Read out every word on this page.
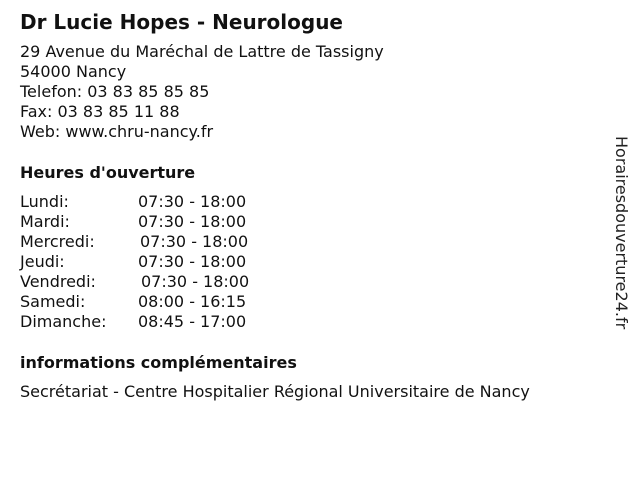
Dr Lucie Hopes - Neurologue
29 Avenue du Maréchal de Lattre de Tassigny
54000 Nancy
Telefon: 03 83 85 85 85
Fax: 03 83 85 11 88
Web: www.chru-nancy.fr
Heures d'ouverture
Lundi:	07:30 - 18:00
Mardi:	07:30 - 18:00
Mercredi:	07:30 - 18:00
Jeudi:	07:30 - 18:00
Vendredi:	07:30 - 18:00
Samedi:	08:00 - 16:15
Dimanche: 08:45 - 17:00
informations complémentaires
Secrétariat - Centre Hospitalier Régional Universitaire de Nancy
Horairesdouverture24.fr
